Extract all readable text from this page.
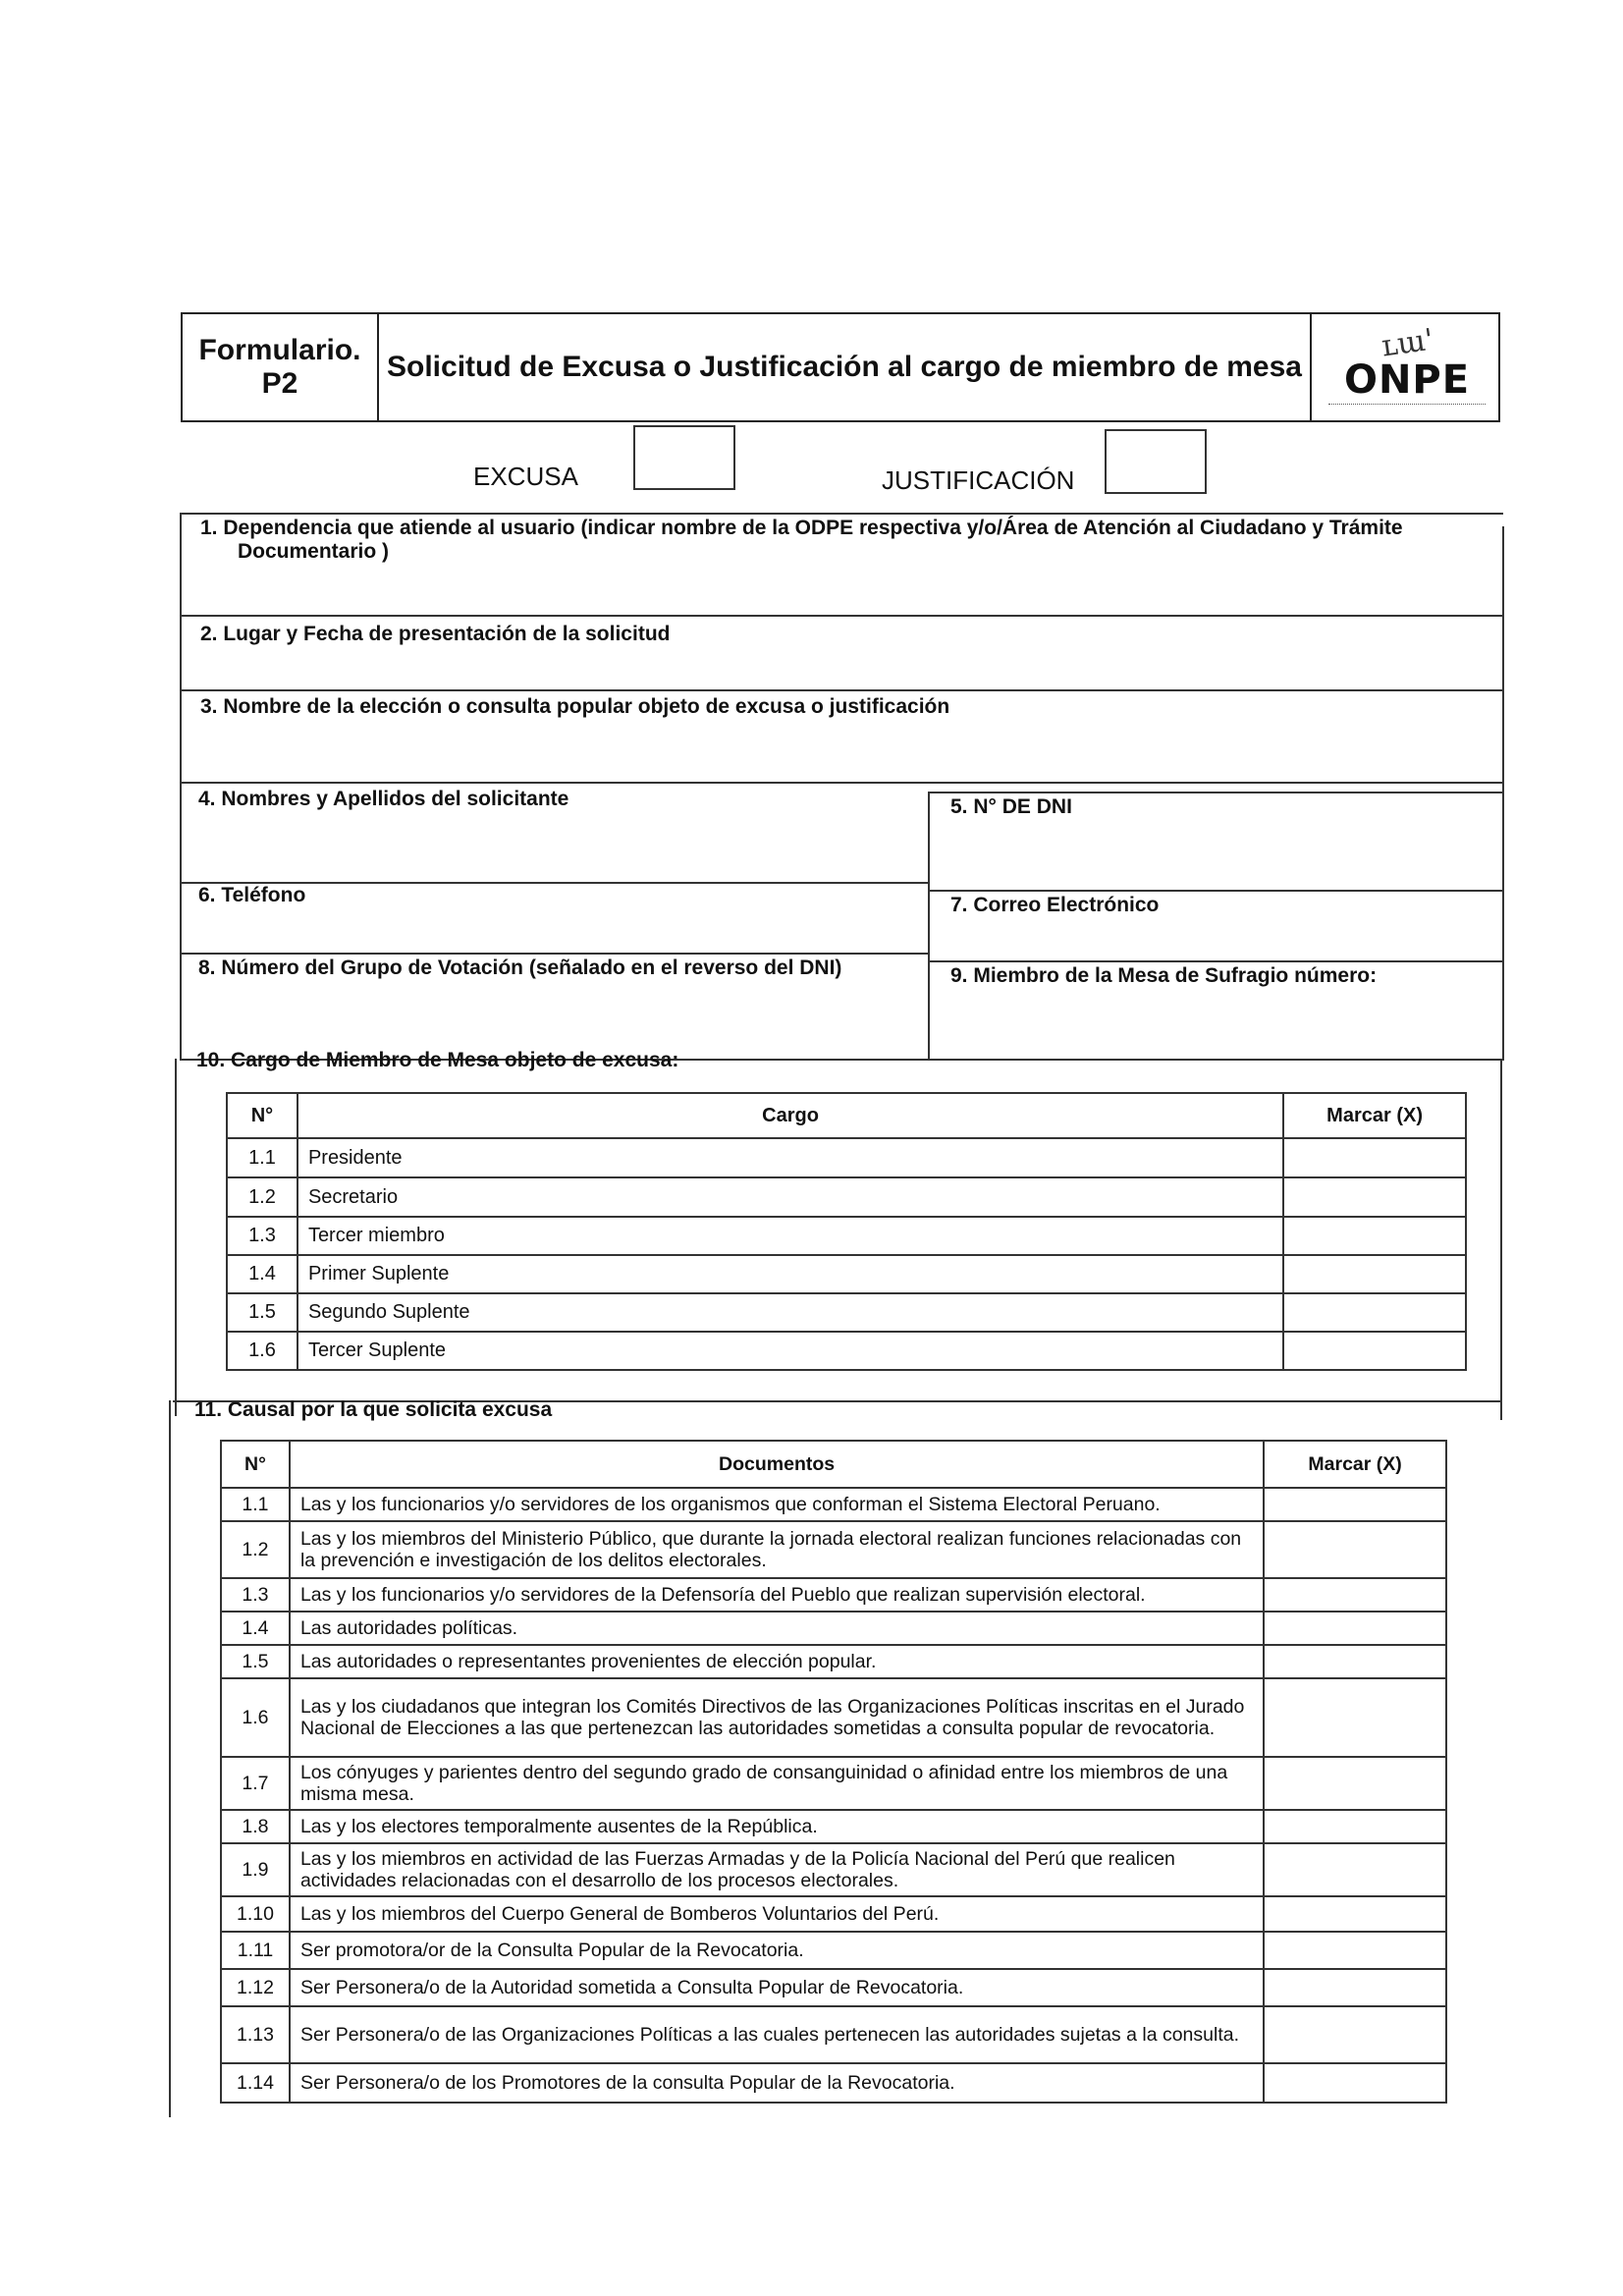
Formulario.
P2
Solicitud de Excusa o Justificación al cargo de miembro de mesa
ʟɯ'
ONPE
EXCUSA	JUSTIFICACIÓN
1. Dependencia que atiende al usuario (indicar nombre de la ODPE respectiva y/o/Área de Atención al Ciudadano y Trámite
Documentario )
2. Lugar y Fecha de presentación de la solicitud
3. Nombre de la elección o consulta popular objeto de excusa o justificación
4. Nombres y Apellidos del solicitante	5. N° DE DNI
6. Teléfono	7. Correo Electrónico
8. Número del Grupo de Votación (señalado en el reverso del DNI)	9. Miembro de la Mesa de Sufragio número:
10. Cargo de Miembro de Mesa objeto de excusa:
N°	Cargo	Marcar (X)
1.1	Presidente	
1.2	Secretario	
1.3	Tercer miembro	
1.4	Primer Suplente	
1.5	Segundo Suplente	
1.6	Tercer Suplente	
11. Causal por la que solicita excusa
N°	Documentos	Marcar (X)
1.1	Las y los funcionarios y/o servidores de los organismos que conforman el Sistema Electoral Peruano.	
1.2	Las y los miembros del Ministerio Público, que durante la jornada electoral realizan funciones relacionadas con la prevención e investigación de los delitos electorales.	
1.3	Las y los funcionarios y/o servidores de la Defensoría del Pueblo que realizan supervisión electoral.	
1.4	Las autoridades políticas.	
1.5	Las autoridades o representantes provenientes de elección popular.	
1.6	Las y los ciudadanos que integran los Comités Directivos de las Organizaciones Políticas inscritas en el Jurado Nacional de Elecciones a las que pertenezcan las autoridades sometidas a consulta popular de revocatoria.	
1.7	Los cónyuges y parientes dentro del segundo grado de consanguinidad o afinidad entre los miembros de una misma mesa.	
1.8	Las y los electores temporalmente ausentes de la República.	
1.9	Las y los miembros en actividad de las Fuerzas Armadas y de la Policía Nacional del Perú que realicen actividades relacionadas con el desarrollo de los procesos electorales.	
1.10	Las y los miembros del Cuerpo General de Bomberos Voluntarios del Perú.	
1.11	Ser promotora/or de la Consulta Popular de la Revocatoria.	
1.12	Ser Personera/o de la Autoridad sometida a Consulta Popular de Revocatoria.	
1.13	Ser Personera/o de las Organizaciones Políticas a las cuales pertenecen las autoridades sujetas a la consulta.	
1.14	Ser Personera/o de los Promotores de la consulta Popular de la Revocatoria.	
